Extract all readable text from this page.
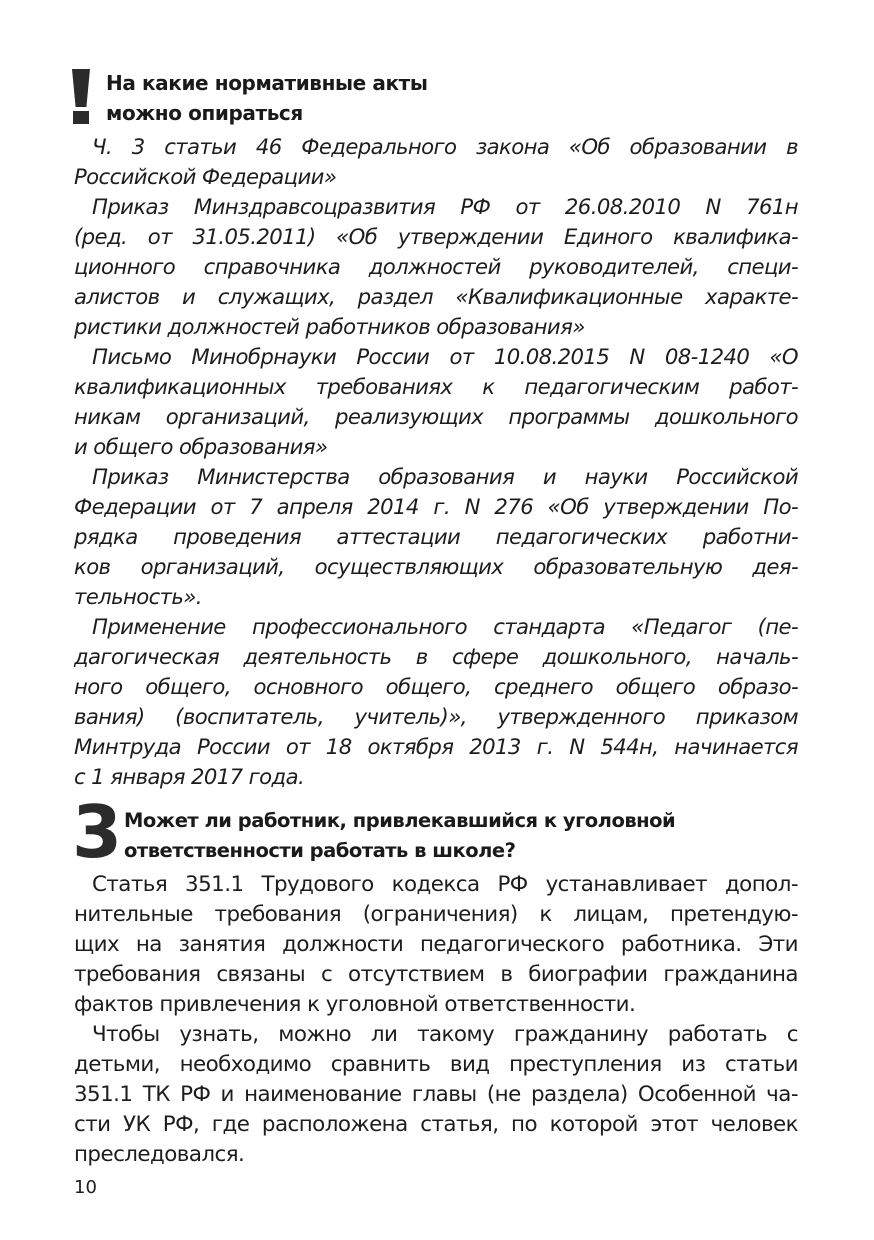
На какие нормативные акты
можно опираться
Ч. 3 статьи 46 Федерального закона «Об образовании в
Российской Федерации»
Приказ Минздравсоцразвития РФ от 26.08.2010 N 761н
(ред. от 31.05.2011) «Об утверждении Единого квалифика-
ционного справочника должностей руководителей, специ-
алистов и служащих, раздел «Квалификационные характе-
ристики должностей работников образования»
Письмо Минобрнауки России от 10.08.2015 N 08-1240 «О
квалификационных требованиях к педагогическим работ-
никам организаций, реализующих программы дошкольного
и общего образования»
Приказ Министерства образования и науки Российской
Федерации от 7 апреля 2014 г. N 276 «Об утверждении По-
рядка проведения аттестации педагогических работни-
ков организаций, осуществляющих образовательную дея-
тельность».
Применение профессионального стандарта «Педагог (пе-
дагогическая деятельность в сфере дошкольного, началь-
ного общего, основного общего, среднего общего образо-
вания) (воспитатель, учитель)», утвержденного приказом
Минтруда России от 18 октября 2013 г. N 544н, начинается
с 1 января 2017 года.
3 Может ли работник, привлекавшийся к уголовной
ответственности работать в школе?
Статья 351.1 Трудового кодекса РФ устанавливает допол-
нительные требования (ограничения) к лицам, претендую-
щих на занятия должности педагогического работника. Эти
требования связаны с отсутствием в биографии гражданина
фактов привлечения к уголовной ответственности.
Чтобы узнать, можно ли такому гражданину работать с
детьми, необходимо сравнить вид преступления из статьи
351.1 ТК РФ и наименование главы (не раздела) Особенной ча-
сти УК РФ, где расположена статья, по которой этот человек
преследовался.
10
